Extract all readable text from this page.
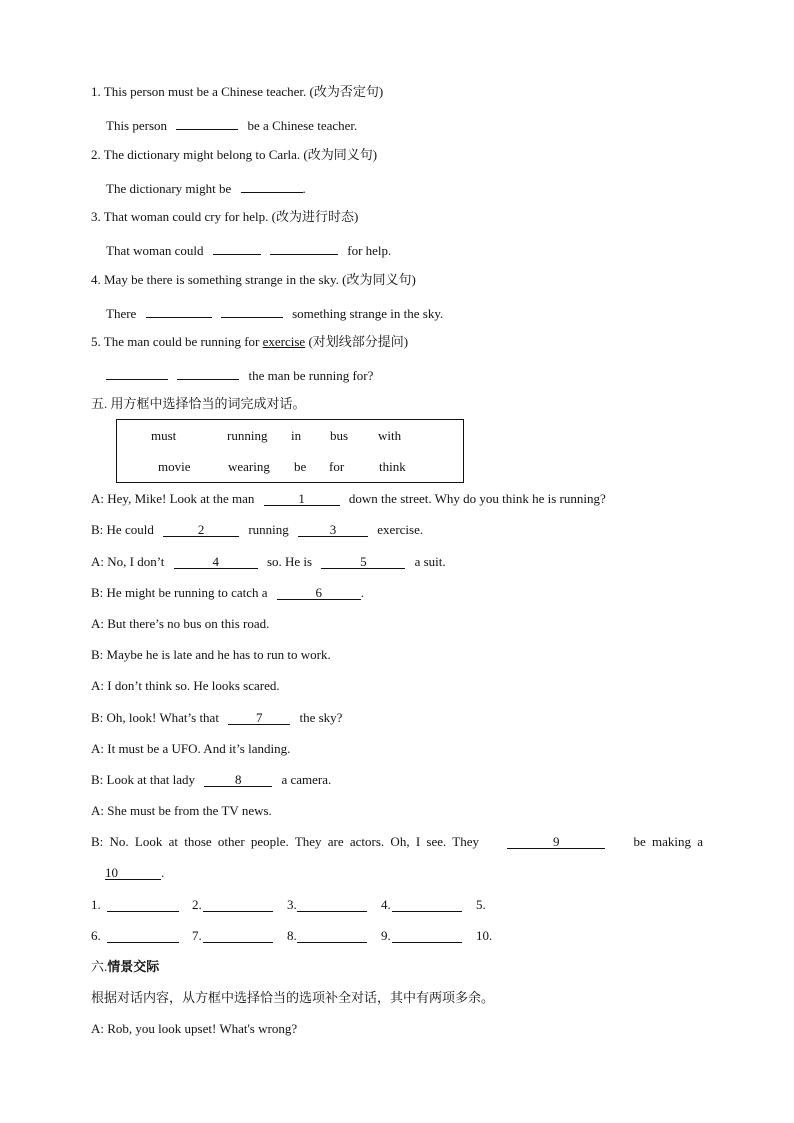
1. This person must be a Chinese teacher. (改为否定句)
This person	be a Chinese teacher.
2. The dictionary might belong to Carla. (改为同义句)
The dictionary might be	.
3. That woman could cry for help. (改为进行时态)
That woman could	for help.
4. May be there is something strange in the sky. (改为同义句)
There	something strange in the sky.
5. The man could be running for exercise (对划线部分提问)
the man be running for?
五. 用方框中选择恰当的词完成对话。
must	running in bus with
movie	wearing be for	think
A: Hey, Mike! Look at the man	1	down the street. Why do you think he is running?
B: He could	2	running	3	exercise.
A: No, I don’t	4	so. He is	5	a suit.
B: He might be running to catch a	6	.
A: But there’s no bus on this road.
B: Maybe he is late and he has to run to work.
A: I don’t think so. He looks scared.
B: Oh, look! What’s that	7	the sky?
A: It must be a UFO. And it’s landing.
B: Look at that lady	8	a camera.
A: She must be from the TV news.
B: No. Look at those other people. They are actors. Oh, I see. They	9	be making a
10	.
1.	2.	3.	4.	5.
6.	7.	8.	9.	10.
六.情景交际
根据对话内容，从方框中选择恰当的选项补全对话，其中有两项多余。
A: Rob, you look upset! What's wrong?
